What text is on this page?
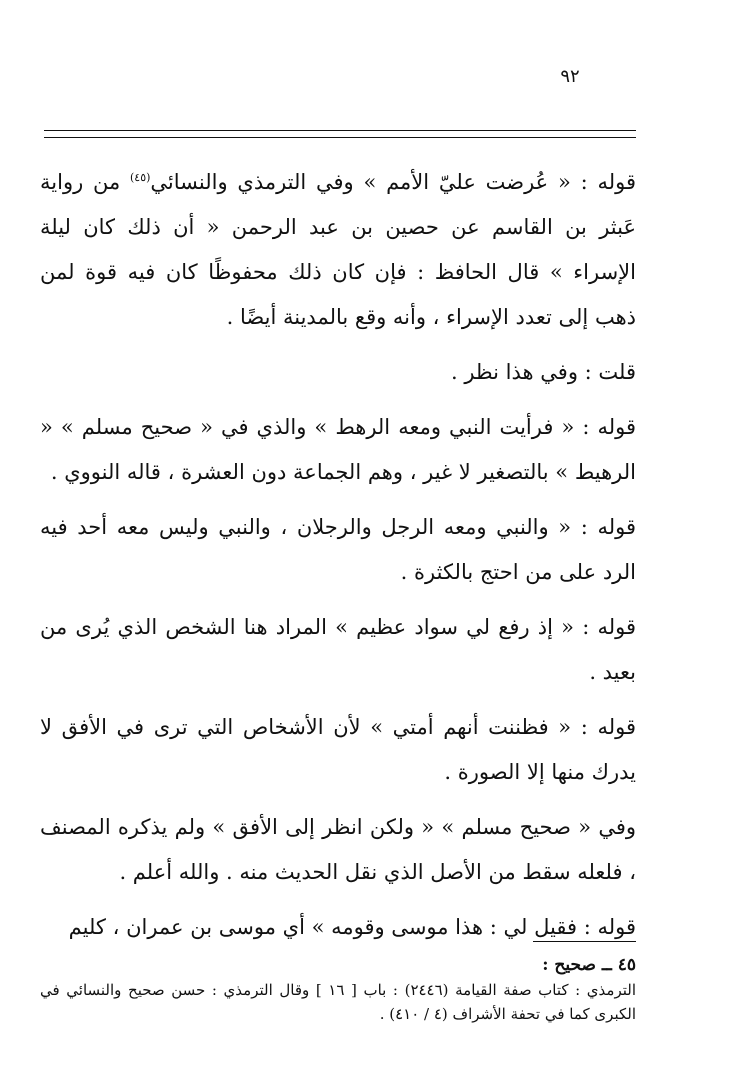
٩٢

قوله : « عُرضت عليّ الأمم » وفي الترمذي والنسائي$^{(٤٥)}$ من رواية عَبثر بن القاسم عن حصين بن عبد الرحمن « أن ذلك كان ليلة الإسراء » قال الحافظ : فإن كان ذلك محفوظًا كان فيه قوة لمن ذهب إلى تعدد الإسراء ، وأنه وقع بالمدينة أيضًا .

قلت : وفي هذا نظر .

قوله : « فرأيت النبي ومعه الرهط » والذي في « صحيح مسلم » « الرهيط » بالتصغير لا غير ، وهم الجماعة دون العشرة ، قاله النووي .

قوله : « والنبي ومعه الرجل والرجلان ، والنبي وليس معه أحد فيه الرد على من احتج بالكثرة .

قوله : « إذ رفع لي سواد عظيم » المراد هنا الشخص الذي يُرى من بعيد .

قوله : « فظننت أنهم أمتي » لأن الأشخاص التي ترى في الأفق لا يدرك منها إلا الصورة .

وفي « صحيح مسلم » « ولكن انظر إلى الأفق » ولم يذكره المصنف ، فلعله سقط من الأصل الذي نقل الحديث منه . والله أعلم .

قوله : فقيل لي : هذا موسى وقومه » أي موسى بن عمران ، كليم

٤٥ ــ صحيح :

الترمذي : كتاب صفة القيامة (٢٤٤٦) : باب [ ١٦ ] وقال الترمذي : حسن صحيح والنسائي في الكبرى كما في تحفة الأشراف (٤ / ٤١٠) .
